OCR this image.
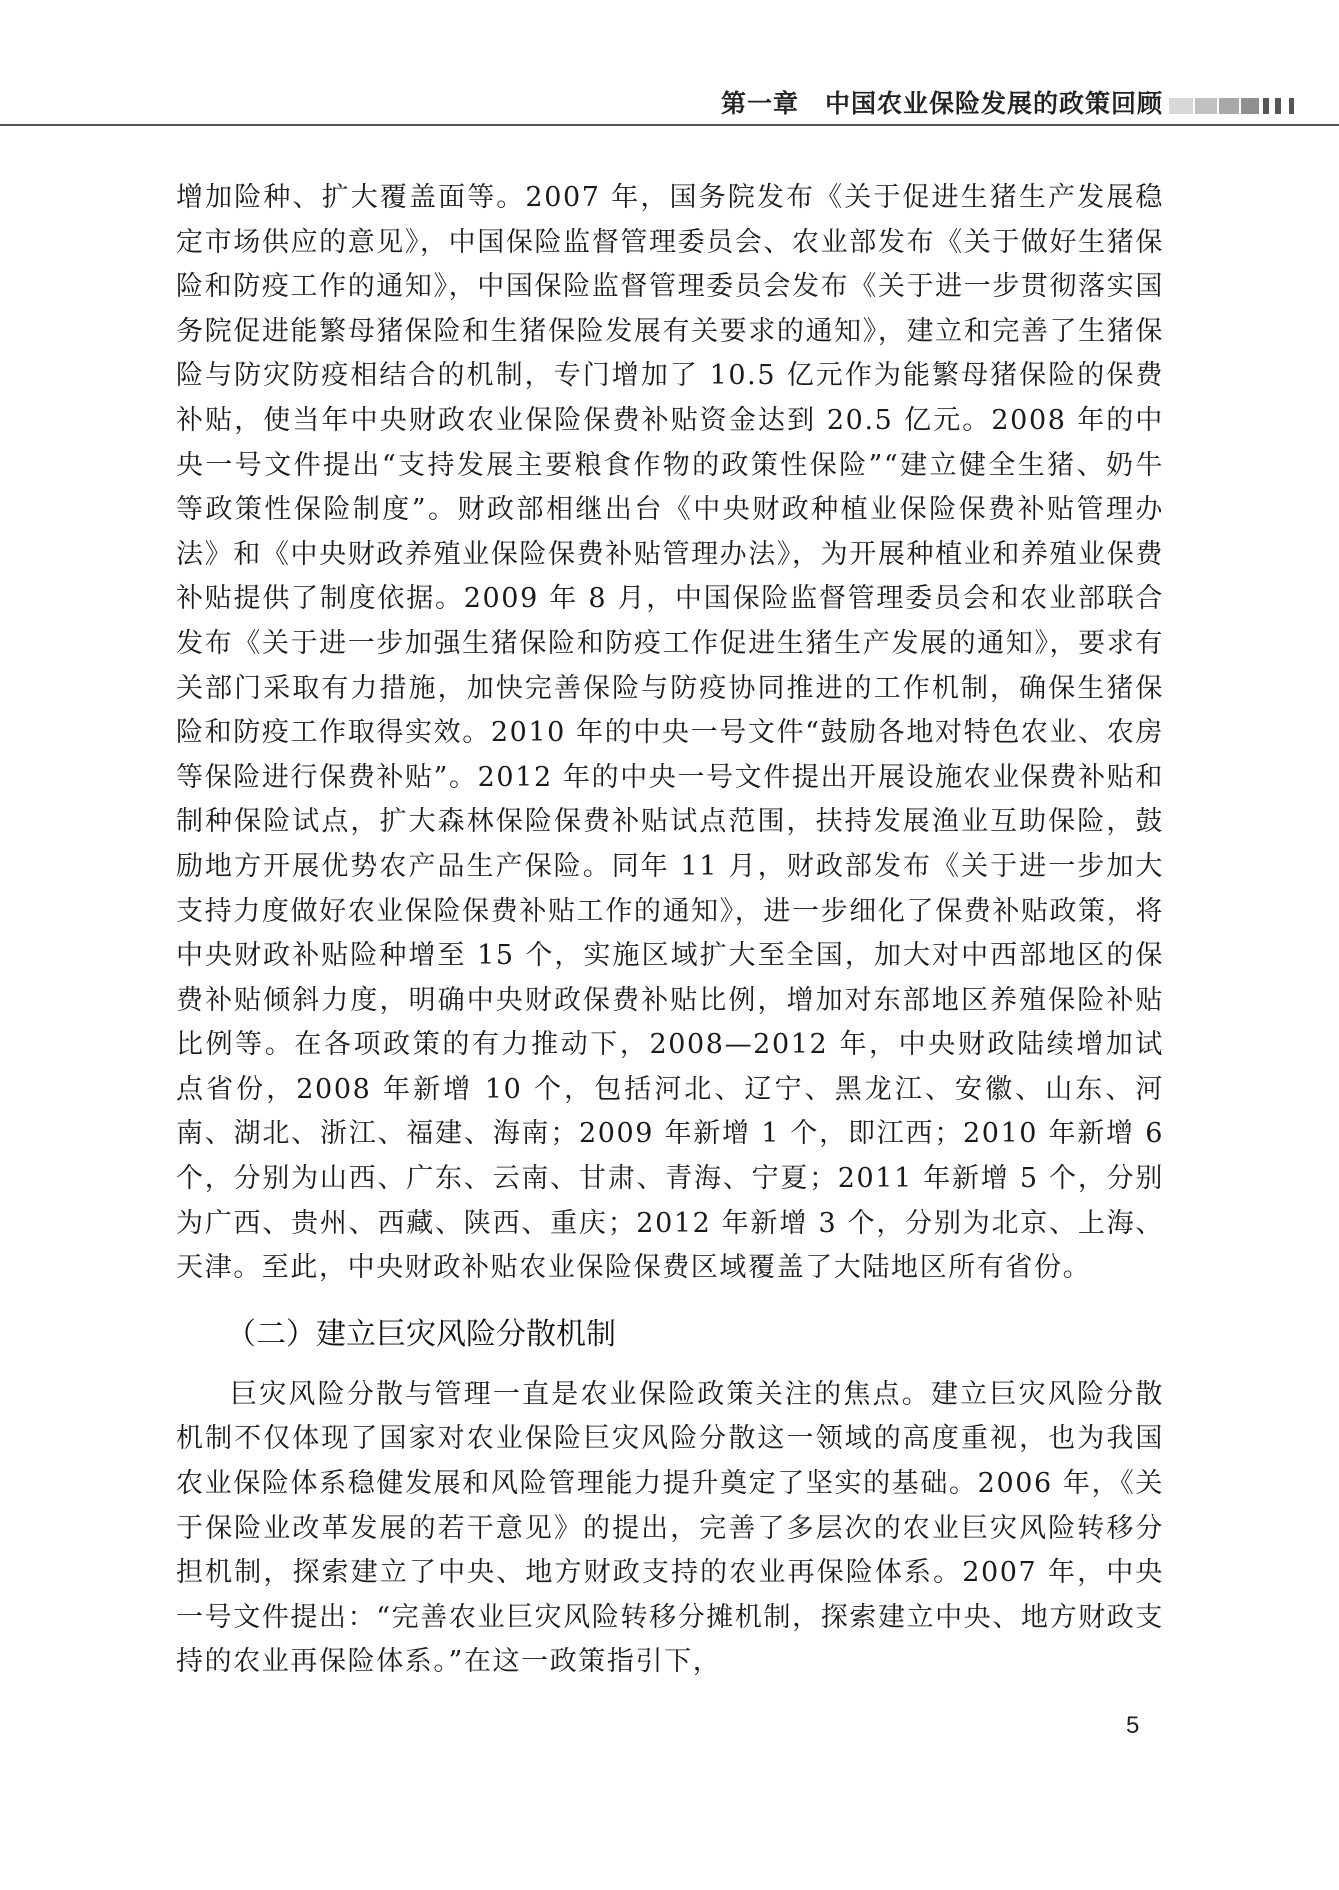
第一章　中国农业保险发展的政策回顾

增加险种、扩大覆盖面等。2007 年，国务院发布《关于促进生猪生产发展稳定市场供应的意见》，中国保险监督管理委员会、农业部发布《关于做好生猪保险和防疫工作的通知》，中国保险监督管理委员会发布《关于进一步贯彻落实国务院促进能繁母猪保险和生猪保险发展有关要求的通知》，建立和完善了生猪保险与防灾防疫相结合的机制，专门增加了 10.5 亿元作为能繁母猪保险的保费补贴，使当年中央财政农业保险保费补贴资金达到 20.5 亿元。2008 年的中央一号文件提出“支持发展主要粮食作物的政策性保险”“建立健全生猪、奶牛等政策性保险制度”。财政部相继出台《中央财政种植业保险保费补贴管理办法》和《中央财政养殖业保险保费补贴管理办法》，为开展种植业和养殖业保费补贴提供了制度依据。2009 年 8 月，中国保险监督管理委员会和农业部联合发布《关于进一步加强生猪保险和防疫工作促进生猪生产发展的通知》，要求有关部门采取有力措施，加快完善保险与防疫协同推进的工作机制，确保生猪保险和防疫工作取得实效。2010 年的中央一号文件“鼓励各地对特色农业、农房等保险进行保费补贴”。2012 年的中央一号文件提出开展设施农业保费补贴和制种保险试点，扩大森林保险保费补贴试点范围，扶持发展渔业互助保险，鼓励地方开展优势农产品生产保险。同年 11 月，财政部发布《关于进一步加大支持力度做好农业保险保费补贴工作的通知》，进一步细化了保费补贴政策，将中央财政补贴险种增至 15 个，实施区域扩大至全国，加大对中西部地区的保费补贴倾斜力度，明确中央财政保费补贴比例，增加对东部地区养殖保险补贴比例等。在各项政策的有力推动下，2008—2012 年，中央财政陆续增加试点省份，2008 年新增 10 个，包括河北、辽宁、黑龙江、安徽、山东、河南、湖北、浙江、福建、海南；2009 年新增 1 个，即江西；2010 年新增 6 个，分别为山西、广东、云南、甘肃、青海、宁夏；2011 年新增 5 个，分别为广西、贵州、西藏、陕西、重庆；2012 年新增 3 个，分别为北京、上海、天津。至此，中央财政补贴农业保险保费区域覆盖了大陆地区所有省份。

（二）建立巨灾风险分散机制

巨灾风险分散与管理一直是农业保险政策关注的焦点。建立巨灾风险分散机制不仅体现了国家对农业保险巨灾风险分散这一领域的高度重视，也为我国农业保险体系稳健发展和风险管理能力提升奠定了坚实的基础。2006 年，《关于保险业改革发展的若干意见》的提出，完善了多层次的农业巨灾风险转移分担机制，探索建立了中央、地方财政支持的农业再保险体系。2007 年，中央一号文件提出：“完善农业巨灾风险转移分摊机制，探索建立中央、地方财政支持的农业再保险体系。”在这一政策指引下，

5
